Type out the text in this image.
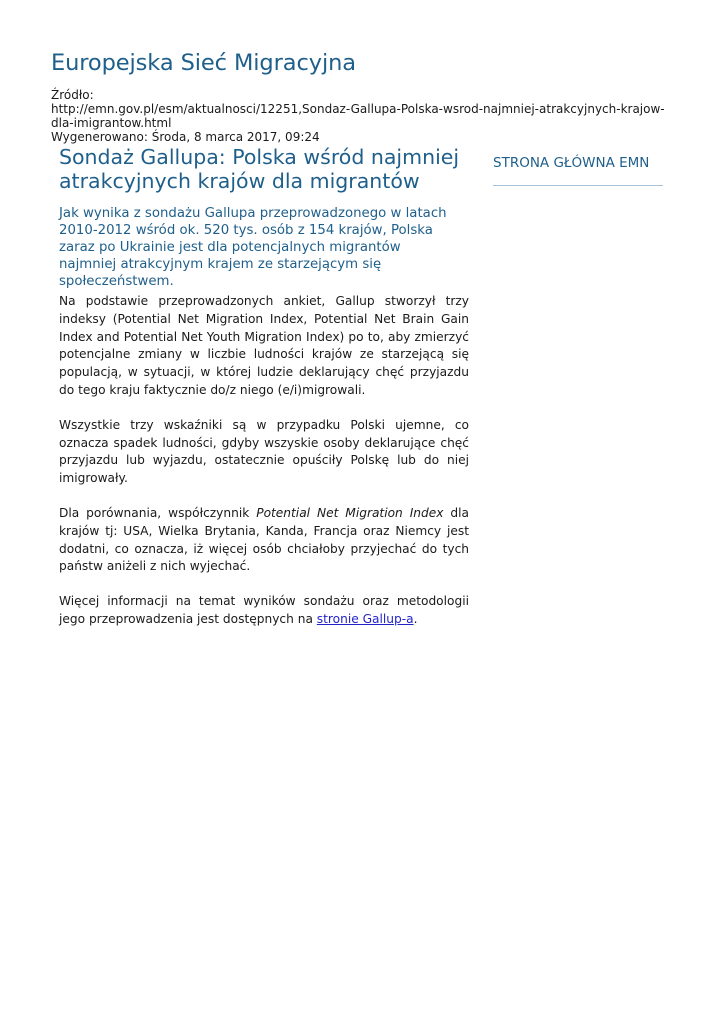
Europejska Sieć Migracyjna
Źródło:
http://emn.gov.pl/esm/aktualnosci/12251,Sondaz-Gallupa-Polska-wsrod-najmniej-atrakcyjnych-krajow-dla-imigrantow.html
Wygenerowano: Środa, 8 marca 2017, 09:24
Sondaż Gallupa: Polska wśród najmniej atrakcyjnych krajów dla migrantów

Jak wynika z sondażu Gallupa przeprowadzonego w latach 2010-2012 wśród ok. 520 tys. osób z 154 krajów, Polska zaraz po Ukrainie jest dla potencjalnych migrantów najmniej atrakcyjnym krajem ze starzejącym się społeczeństwem.

Na podstawie przeprowadzonych ankiet, Gallup stworzył trzy indeksy (Potential Net Migration Index, Potential Net Brain Gain Index and Potential Net Youth Migration Index) po to, aby zmierzyć potencjalne zmiany w liczbie ludności krajów ze starzejącą się populacją, w sytuacji, w której ludzie deklarujący chęć przyjazdu do tego kraju faktycznie do/z niego (e/i)migrowali.

Wszystkie trzy wskaźniki są w przypadku Polski ujemne, co oznacza spadek ludności, gdyby wszyskie osoby deklarujące chęć przyjazdu lub wyjazdu, ostatecznie opuściły Polskę lub do niej imigrowały.

Dla porównania, współczynnik Potential Net Migration Index dla krajów tj: USA, Wielka Brytania, Kanda, Francja oraz Niemcy jest dodatni, co oznacza, iż więcej osób chciałoby przyjechać do tych państw aniżeli z nich wyjechać.

Więcej informacji na temat wyników sondażu oraz metodologii jego przeprowadzenia jest dostępnych na stronie Gallup-a.

STRONA GŁÓWNA EMN
